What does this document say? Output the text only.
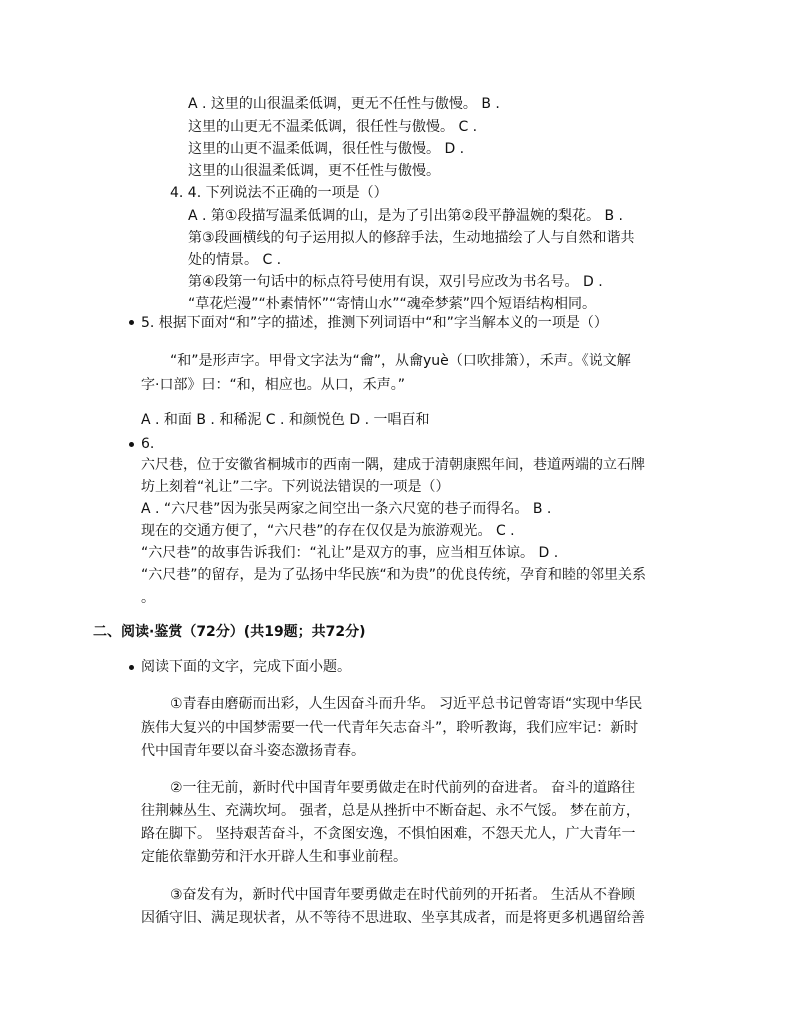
A . 这里的山很温柔低调，更无不任性与傲慢。 B .
这里的山更无不温柔低调，很任性与傲慢。 C .
这里的山更不温柔低调，很任性与傲慢。 D .
这里的山很温柔低调，更不任性与傲慢。
4. 4. 下列说法不正确的一项是（）
A . 第①段描写温柔低调的山，是为了引出第②段平静温婉的梨花。 B .
第③段画横线的句子运用拟人的修辞手法，生动地描绘了人与自然和谐共
处的情景。 C .
第④段第一句话中的标点符号使用有误，双引号应改为书名号。 D .
“草花烂漫”“朴素情怀”“寄情山水”“魂牵梦萦”四个短语结构相同。
5. 根据下面对“和”字的描述，推测下列词语中“和”字当解本义的一项是（）
“和”是形声字。甲骨文字法为“龠”，从龠yuè（口吹排箫），禾声。《说文解
字·口部》曰：“和，相应也。从口，禾声。”
A . 和面 B . 和稀泥 C . 和颜悦色 D . 一唱百和
6.
六尺巷，位于安徽省桐城市的西南一隅，建成于清朝康熙年间，巷道两端的立石牌
坊上刻着“礼让”二字。下列说法错误的一项是（）
A . “六尺巷”因为张吴两家之间空出一条六尺宽的巷子而得名。 B .
现在的交通方便了，“六尺巷”的存在仅仅是为旅游观光。 C .
“六尺巷”的故事告诉我们：“礼让”是双方的事，应当相互体谅。 D .
“六尺巷”的留存，是为了弘扬中华民族“和为贵”的优良传统，孕育和睦的邻里关系
。
二、阅读·鉴赏（72分）(共19题；共72分)
阅读下面的文字，完成下面小题。
①青春由磨砺而出彩，人生因奋斗而升华。 习近平总书记曾寄语“实现中华民
族伟大复兴的中国梦需要一代一代青年矢志奋斗”，聆听教诲，我们应牢记：新时
代中国青年要以奋斗姿态激扬青春。
②一往无前，新时代中国青年要勇做走在时代前列的奋进者。 奋斗的道路往
往荆棘丛生、充满坎坷。 强者，总是从挫折中不断奋起、永不气馁。 梦在前方，
路在脚下。 坚持艰苦奋斗，不贪图安逸，不惧怕困难，不怨天尤人，广大青年一
定能依靠勤劳和汗水开辟人生和事业前程。
③奋发有为，新时代中国青年要勇做走在时代前列的开拓者。 生活从不眷顾
因循守旧、满足现状者，从不等待不思进取、坐享其成者，而是将更多机遇留给善
